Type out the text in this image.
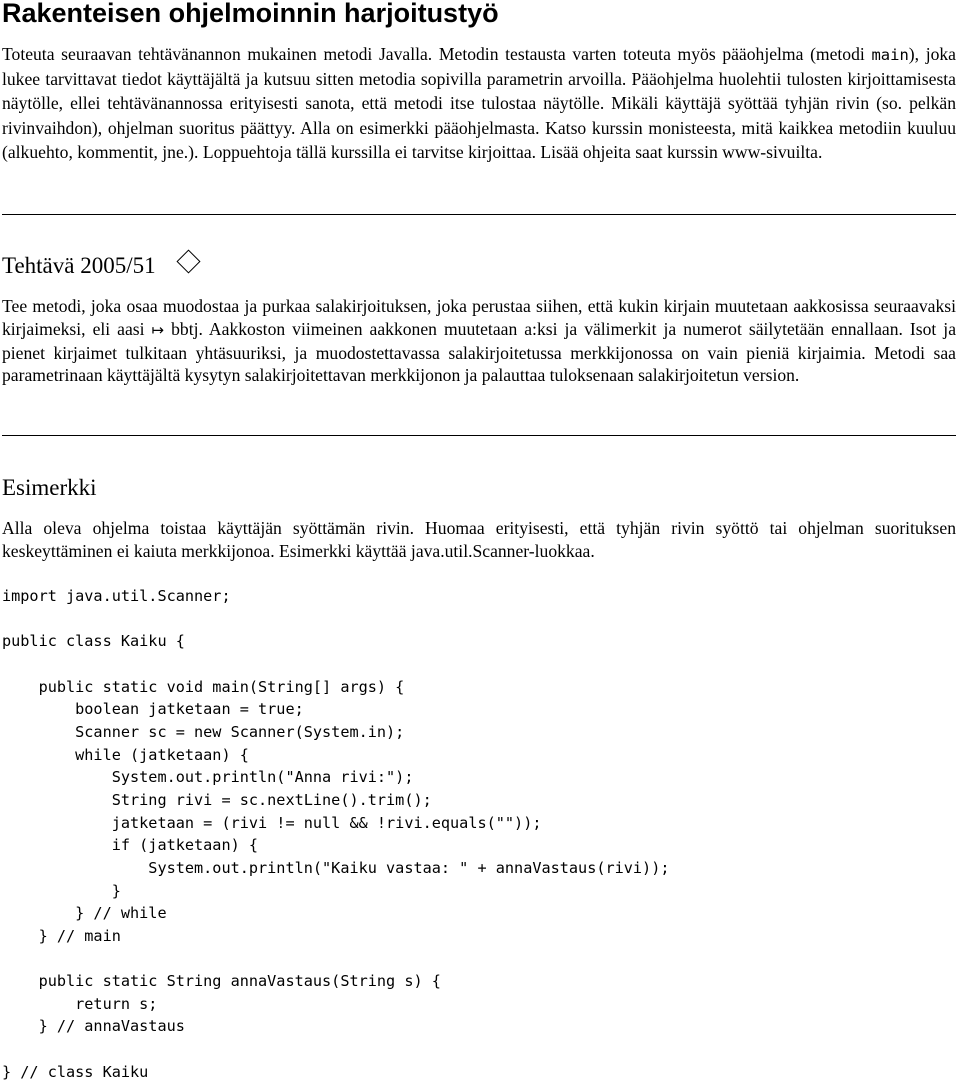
Rakenteisen ohjelmoinnin harjoitustyö

Toteuta seuraavan tehtävänannon mukainen metodi Javalla. Metodin testausta varten toteuta myös pääohjelma (metodi main), joka lukee tarvittavat tiedot käyttäjältä ja kutsuu sitten metodia sopivilla parametrin arvoilla. Pääohjelma huolehtii tulosten kirjoittamisesta näytölle, ellei tehtävänannossa erityisesti sanota, että metodi itse tulostaa näytölle. Mikäli käyttäjä syöttää tyhjän rivin (so. pelkän rivinvaihdon), ohjelman suoritus päättyy. Alla on esimerkki pääohjelmasta. Katso kurssin monisteesta, mitä kaikkea metodiin kuuluu (alkuehto, kommentit, jne.). Loppuehtoja tällä kurssilla ei tarvitse kirjoittaa. Lisää ohjeita saat kurssin www-sivuilta.

Tehtävä 2005/51

Tee metodi, joka osaa muodostaa ja purkaa salakirjoituksen, joka perustaa siihen, että kukin kirjain muutetaan aakkosissa seuraavaksi kirjaimeksi, eli aasi ↦ bbtj. Aakkoston viimeinen aakkonen muutetaan a:ksi ja välimerkit ja numerot säilytetään ennallaan. Isot ja pienet kirjaimet tulkitaan yhtäsuuriksi, ja muodostettavassa salakirjoitetussa merkkijonossa on vain pieniä kirjaimia. Metodi saa parametrinaan käyttäjältä kysytyn salakirjoitettavan merkkijonon ja palauttaa tuloksenaan salakirjoitetun version.

Esimerkki

Alla oleva ohjelma toistaa käyttäjän syöttämän rivin. Huomaa erityisesti, että tyhjän rivin syöttö tai ohjelman suorituksen keskeyttäminen ei kaiuta merkkijonoa. Esimerkki käyttää java.util.Scanner-luokkaa.

import java.util.Scanner;

public class Kaiku {

public static void main(String[] args) {
boolean jatketaan = true;
Scanner sc = new Scanner(System.in);
while (jatketaan) {
System.out.println("Anna rivi:");
String rivi = sc.nextLine().trim();
jatketaan = (rivi != null && !rivi.equals(""));
if (jatketaan) {
System.out.println("Kaiku vastaa: " + annaVastaus(rivi));
}
} // while
} // main

public static String annaVastaus(String s) {
return s;
} // annaVastaus

} // class Kaiku
